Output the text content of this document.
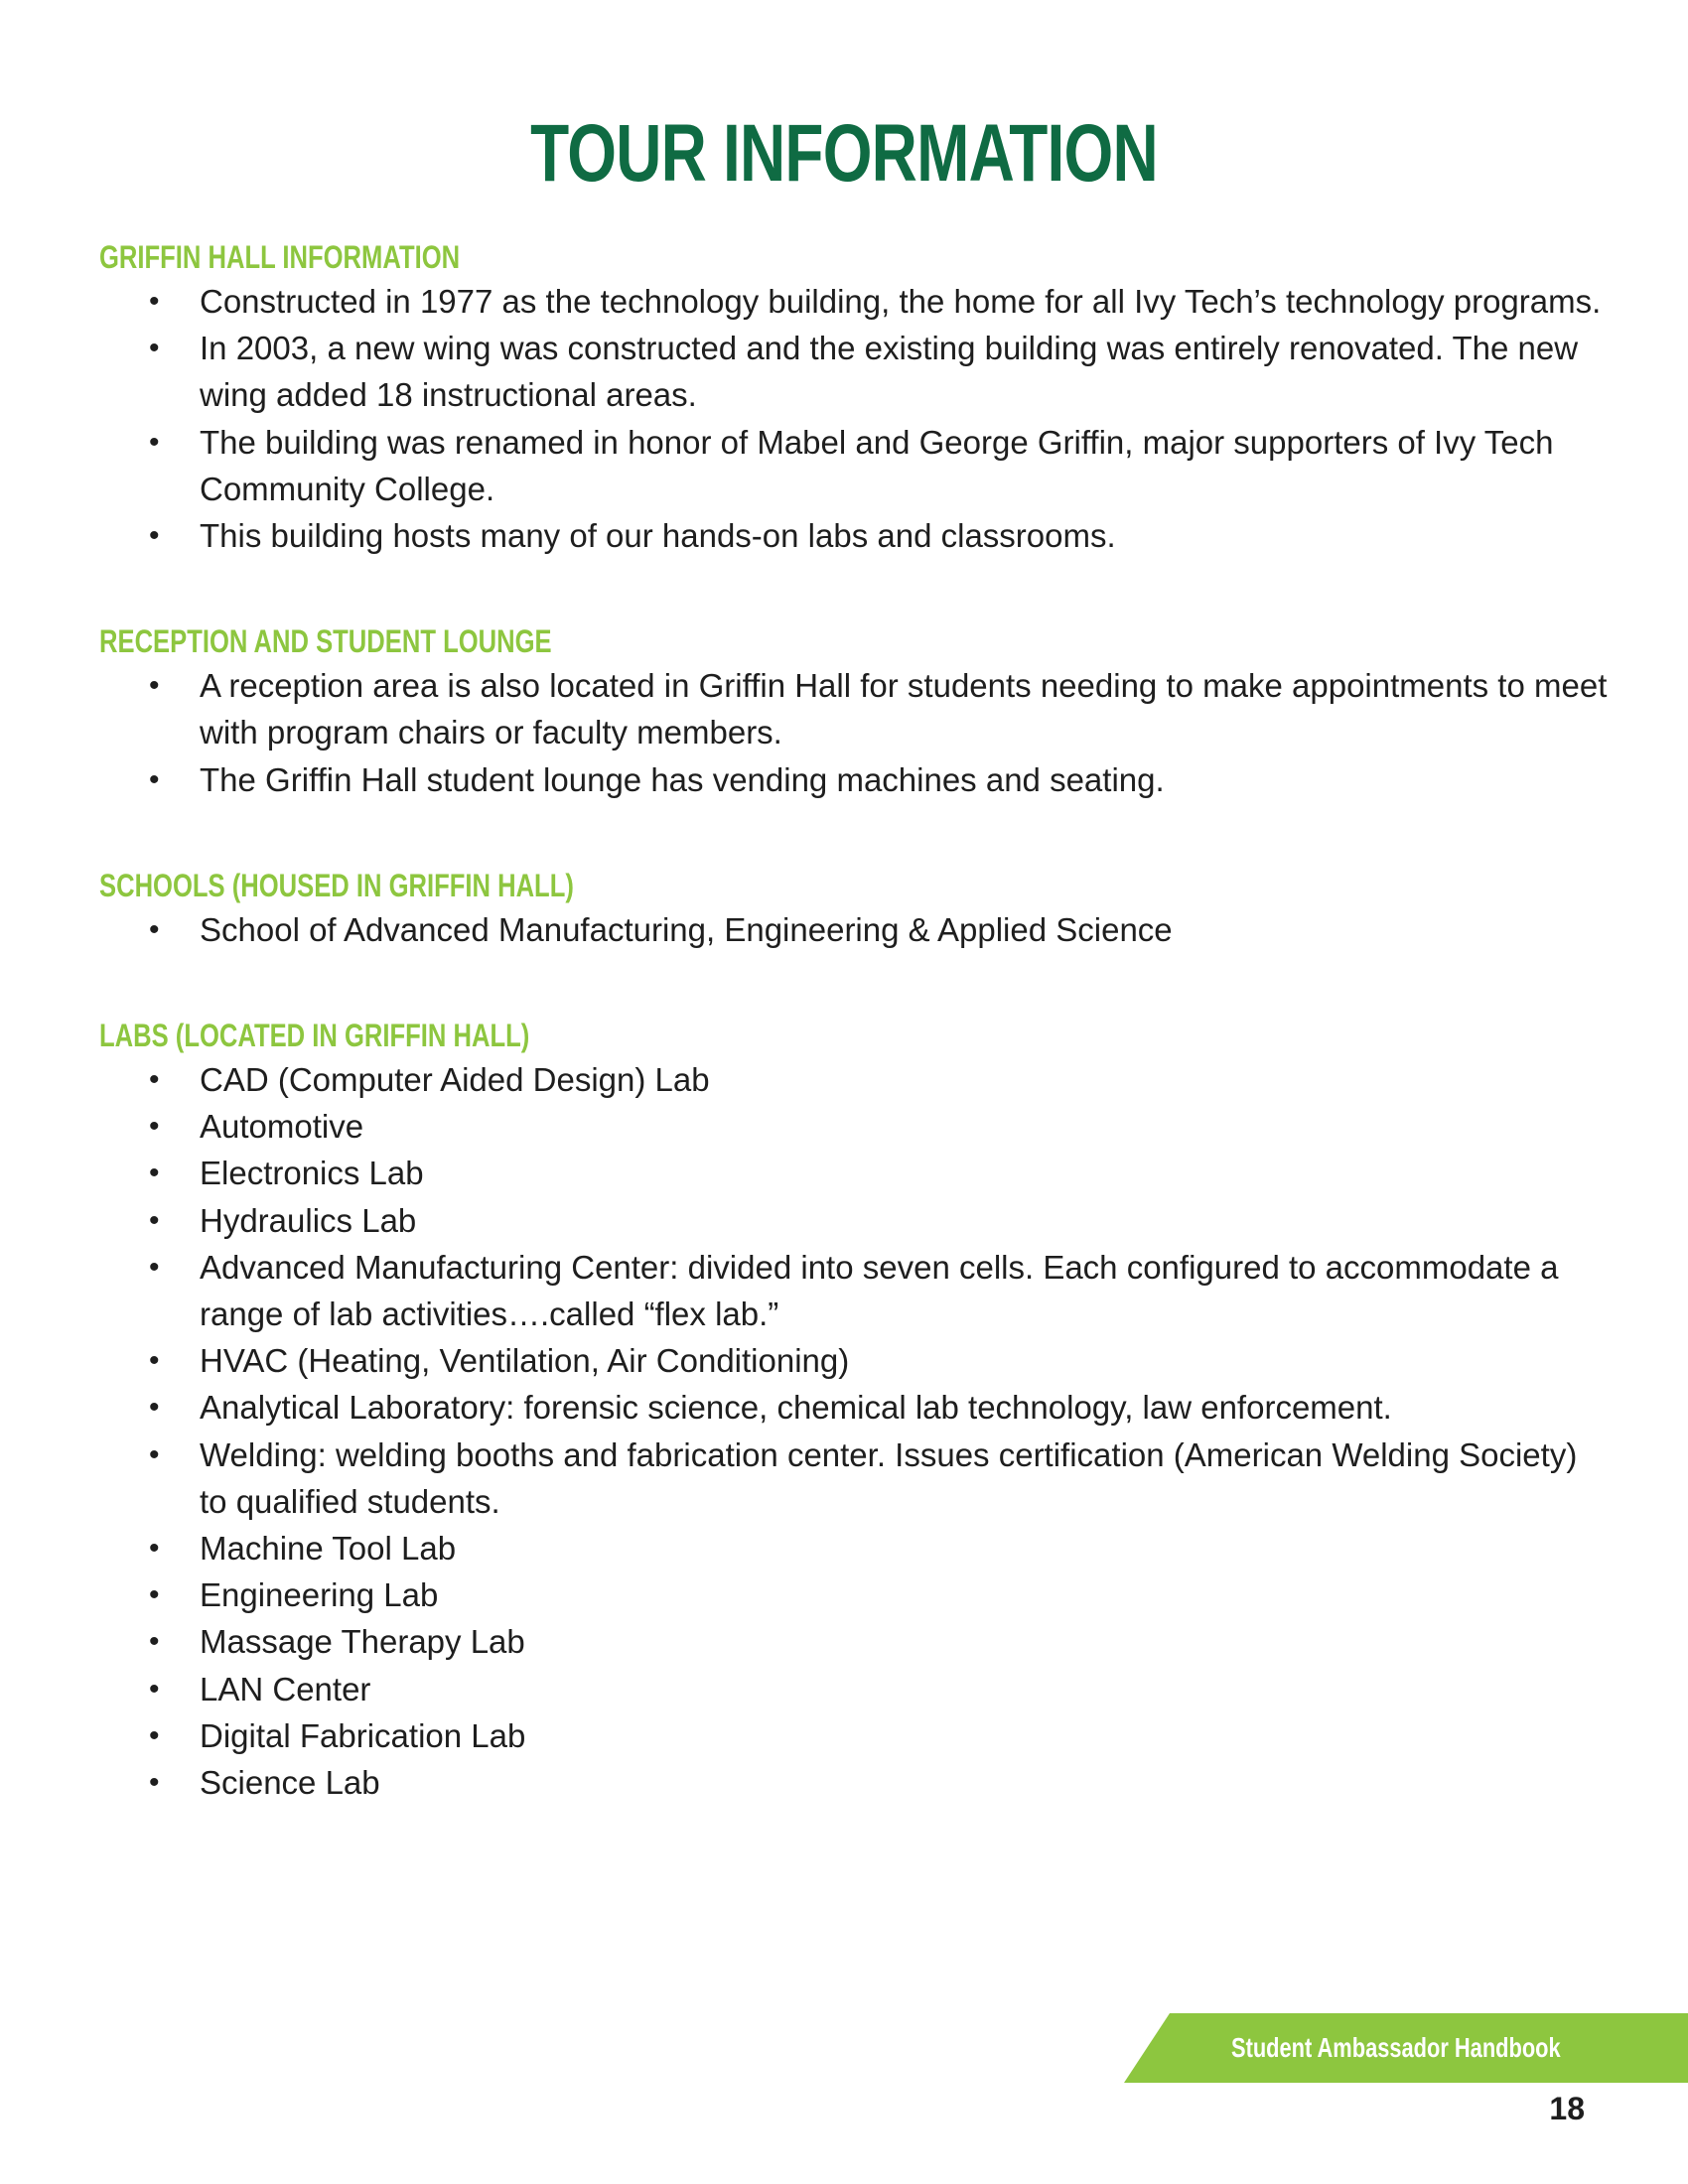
TOUR INFORMATION
GRIFFIN HALL INFORMATION
• Constructed in 1977 as the technology building, the home for all Ivy Tech’s technology programs.
• In 2003, a new wing was constructed and the existing building was entirely renovated. The new wing added 18 instructional areas.
• The building was renamed in honor of Mabel and George Griffin, major supporters of Ivy Tech Community College.
• This building hosts many of our hands-on labs and classrooms.
RECEPTION AND STUDENT LOUNGE
• A reception area is also located in Griffin Hall for students needing to make appointments to meet with program chairs or faculty members.
• The Griffin Hall student lounge has vending machines and seating.
SCHOOLS (HOUSED IN GRIFFIN HALL)
• School of Advanced Manufacturing, Engineering & Applied Science
LABS (LOCATED IN GRIFFIN HALL)
• CAD (Computer Aided Design) Lab
• Automotive
• Electronics Lab
• Hydraulics Lab
• Advanced Manufacturing Center: divided into seven cells. Each configured to accommodate a range of lab activities….called “flex lab.”
• HVAC (Heating, Ventilation, Air Conditioning)
• Analytical Laboratory: forensic science, chemical lab technology, law enforcement.
• Welding: welding booths and fabrication center. Issues certification (American Welding Society) to qualified students.
• Machine Tool Lab
• Engineering Lab
• Massage Therapy Lab
• LAN Center
• Digital Fabrication Lab
• Science Lab
Student Ambassador Handbook
18
